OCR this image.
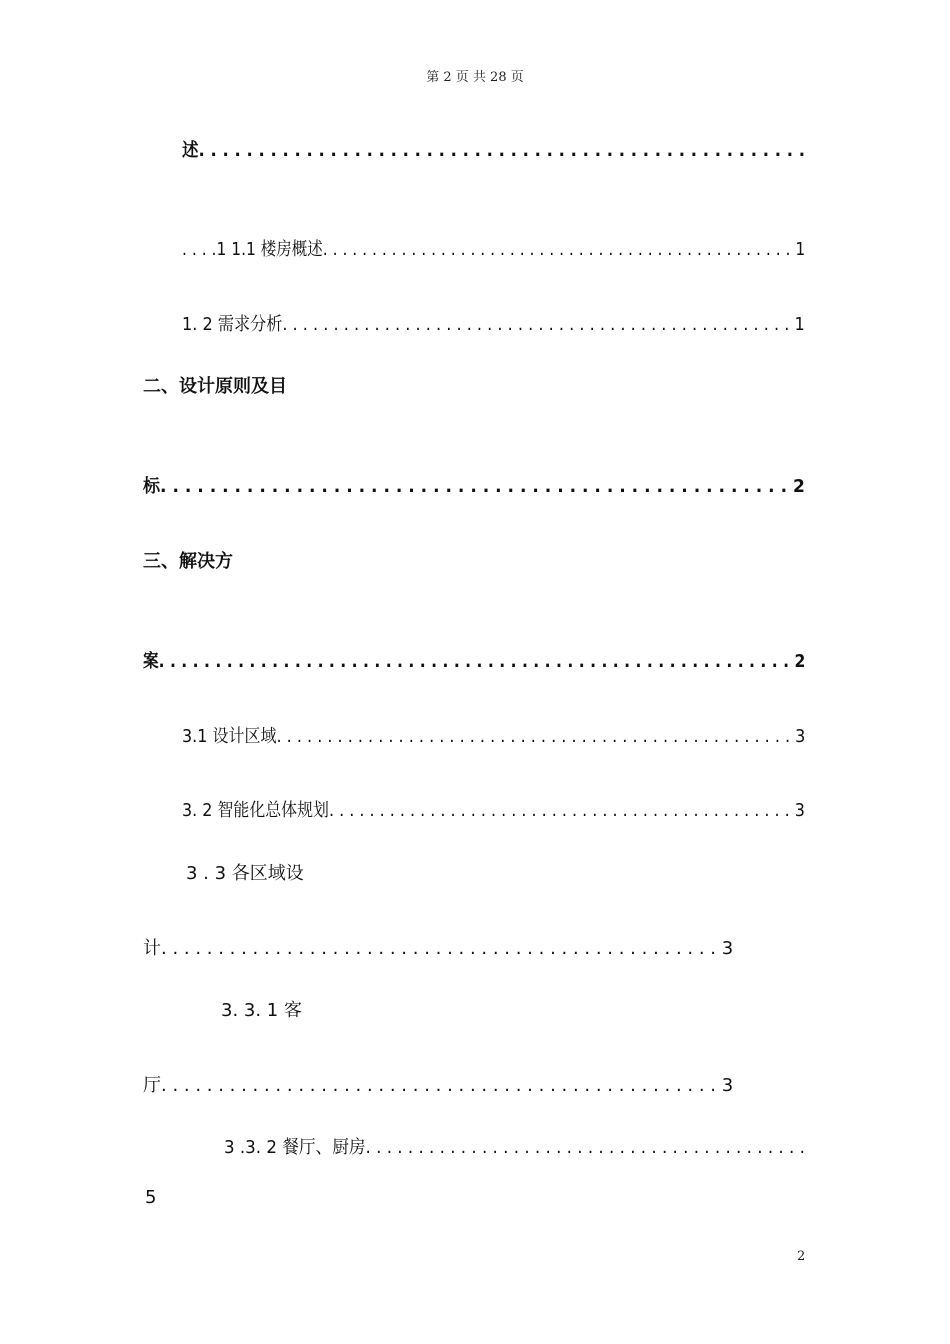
第 2 页 共 28 页
述. . . . . . . . . . . . . . . . . . . . . . . . . . . . . . . . . . . . . . . . . . . . . . . . . . .
. . . .1 1.1 楼房概述. . . . . . . . . . . . . . . . . . . . . . . . . . . . . . . . . . . . . . . . . . . . . . . . 1
1. 2 需求分析. . . . . . . . . . . . . . . . . . . . . . . . . . . . . . . . . . . . . . . . . . . . . . . . . . 1
二、设计原则及目
标. . . . . . . . . . . . . . . . . . . . . . . . . . . . . . . . . . . . . . . . . . . . . . . . . . . 2
三、解决方
案. . . . . . . . . . . . . . . . . . . . . . . . . . . . . . . . . . . . . . . . . . . . . . . . . . . . . . . . 2
3.1 设计区域. . . . . . . . . . . . . . . . . . . . . . . . . . . . . . . . . . . . . . . . . . . . . . . . . . . 3
3. 2 智能化总体规划. . . . . . . . . . . . . . . . . . . . . . . . . . . . . . . . . . . . . . . . . . . . . . 3
3 . 3 各区域设
计. . . . . . . . . . . . . . . . . . . . . . . . . . . . . . . . . . . . . . . . . . . . . . . . . 3
3. 3. 1 客
厅. . . . . . . . . . . . . . . . . . . . . . . . . . . . . . . . . . . . . . . . . . . . . . . . . 3
3 .3. 2 餐厅、厨房. . . . . . . . . . . . . . . . . . . . . . . . . . . . . . . . . . . . . . . . . .
5
2
